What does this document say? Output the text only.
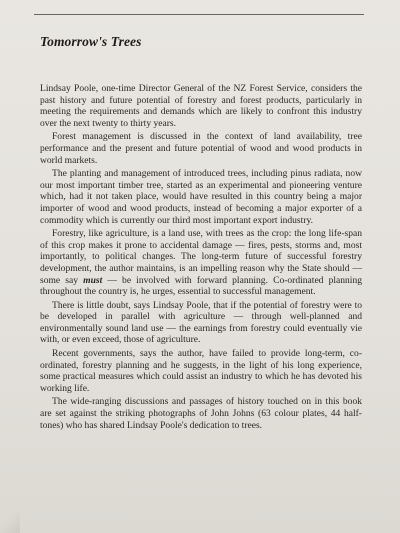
Tomorrow's Trees

Lindsay Poole, one-time Director General of the NZ Forest Service, considers the past history and future potential of forestry and forest products, particularly in meeting the requirements and demands which are likely to confront this industry over the next twenty to thirty years.

Forest management is discussed in the context of land availability, tree performance and the present and future potential of wood and wood products in world markets.

The planting and management of introduced trees, including pinus radiata, now our most important timber tree, started as an experimental and pioneering venture which, had it not taken place, would have resulted in this country being a major importer of wood and wood products, instead of becoming a major exporter of a commodity which is currently our third most important export industry.

Forestry, like agriculture, is a land use, with trees as the crop: the long life-span of this crop makes it prone to accidental damage — fires, pests, storms and, most importantly, to political changes. The long-term future of successful forestry development, the author maintains, is an impelling reason why the State should — some say must — be involved with forward planning. Co-ordinated planning throughout the country is, he urges, essential to successful management.

There is little doubt, says Lindsay Poole, that if the potential of forestry were to be developed in parallel with agriculture — through well-planned and environmentally sound land use — the earnings from forestry could eventually vie with, or even exceed, those of agriculture.

Recent governments, says the author, have failed to provide long-term, co-ordinated, forestry planning and he suggests, in the light of his long experience, some practical measures which could assist an industry to which he has devoted his working life.

The wide-ranging discussions and passages of history touched on in this book are set against the striking photographs of John Johns (63 colour plates, 44 half-tones) who has shared Lindsay Poole's dedication to trees.
